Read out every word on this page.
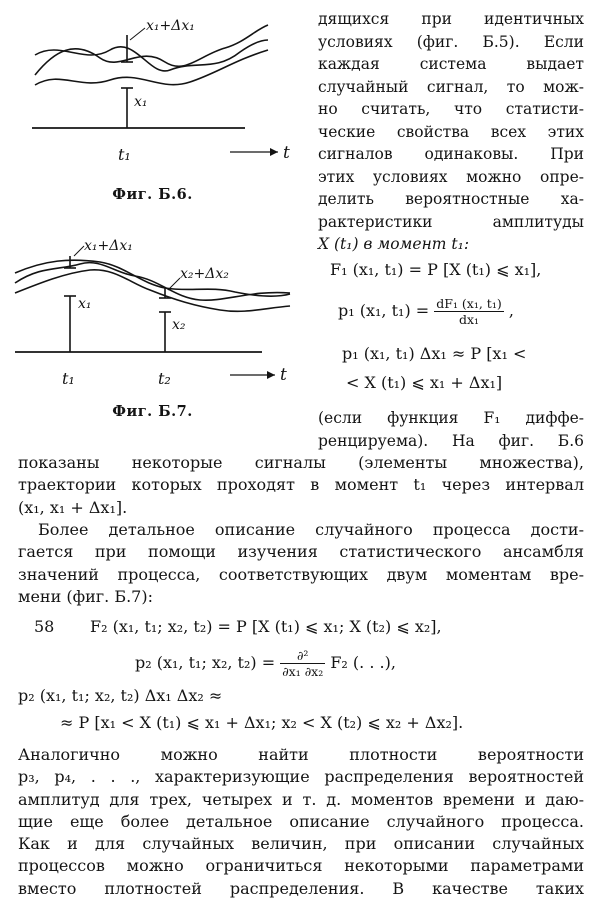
x₁+Δx₁
x₁
t₁	t
Фиг. Б.6.
x₁+Δx₁
x₂+Δx₂
x₁
x₂
t₁	t₂	t
Фиг. Б.7.
дящихся при идентичных
условиях (фиг. Б.5). Если
каждая система выдает
случайный сигнал, то мож-
но считать, что статисти-
ческие свойства всех этих
сигналов одинаковы. При
этих условиях можно опре-
делить вероятностные ха-
рактеристики амплитуды
X (t₁) в момент t₁:
F₁ (x₁, t₁) = P [X (t₁) ⩽ x₁],
p₁ (x₁, $t_1) = \frac{\text{dF₁ (x₁, t₁)}}{\text{dx₁}}$ ,
p₁ (x₁, t₁) Δx₁ ≈ P [x₁ <
< X (t₁) ⩽ x₁ + Δx₁]
(если функция F₁ диффе-
ренцируема). На фиг. Б.6
показаны некоторые сигналы (элементы множества),
траектории которых проходят в момент t₁ через интервал
(x₁, x₁ + Δx₁].
Более детальное описание случайного процесса дости-
гается при помощи изучения статистического ансамбля
значений процесса, соответствующих двум моментам вре-
мени (фиг. Б.7):
58 F₂ (x₁, t₁; x₂, t₂) = P [X (t₁) ⩽ x₁; X (t₂) ⩽ x₂],
p₂ (x₁, t₁; x₂, $t_2) = \frac{\text{∂²}}{\text{∂x₁ ∂x₂}} F_2$ (. . .),
p₂ (x₁, t₁; x₂, t₂) Δx₁ Δx₂ ≈
≈ P [x₁ < X (t₁) ⩽ x₁ + Δx₁; x₂ < X (t₂) ⩽ x₂ + Δx₂].
Аналогично можно найти плотности вероятности
p₃, p₄, . . ., характеризующие распределения вероятностей
амплитуд для трех, четырех и т. д. моментов времени и даю-
щие еще более детальное описание случайного процесса.
Как и для случайных величин, при описании случайных
процессов можно ограничиться некоторыми параметрами
вместо плотностей распределения. В качестве таких
